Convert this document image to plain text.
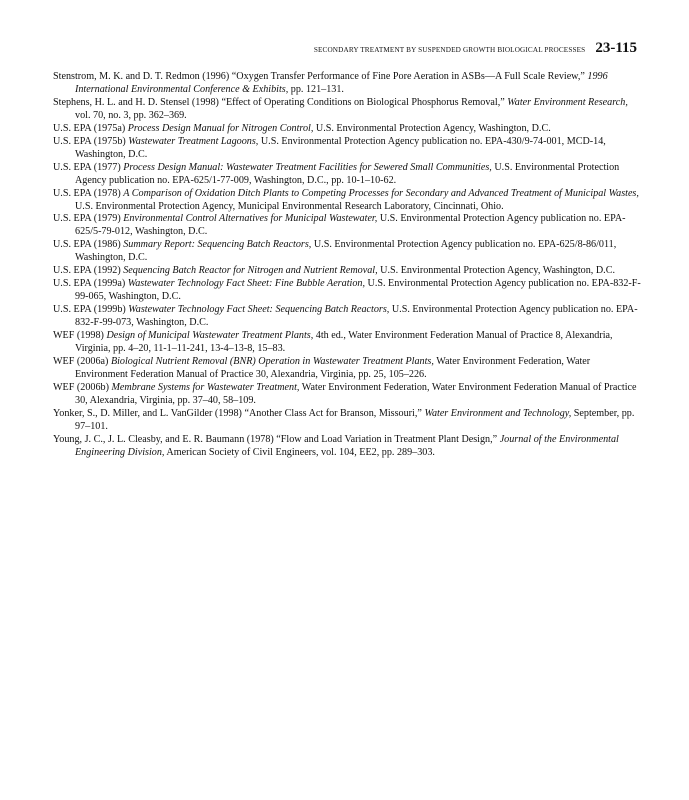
SECONDARY TREATMENT BY SUSPENDED GROWTH BIOLOGICAL PROCESSES 23-115
Stenstrom, M. K. and D. T. Redmon (1996) “Oxygen Transfer Performance of Fine Pore Aeration in ASBs—A Full Scale Review,” 1996 International Environmental Conference & Exhibits, pp. 121–131.
Stephens, H. L. and H. D. Stensel (1998) “Effect of Operating Conditions on Biological Phosphorus Removal,” Water Environment Research, vol. 70, no. 3, pp. 362–369.
U.S. EPA (1975a) Process Design Manual for Nitrogen Control, U.S. Environmental Protection Agency, Washington, D.C.
U.S. EPA (1975b) Wastewater Treatment Lagoons, U.S. Environmental Protection Agency publication no. EPA-430/9-74-001, MCD-14, Washington, D.C.
U.S. EPA (1977) Process Design Manual: Wastewater Treatment Facilities for Sewered Small Communities, U.S. Environmental Protection Agency publication no. EPA-625/1-77-009, Washington, D.C., pp. 10-1–10-62.
U.S. EPA (1978) A Comparison of Oxidation Ditch Plants to Competing Processes for Secondary and Advanced Treatment of Municipal Wastes, U.S. Environmental Protection Agency, Municipal Environmental Research Laboratory, Cincinnati, Ohio.
U.S. EPA (1979) Environmental Control Alternatives for Municipal Wastewater, U.S. Environmental Protection Agency publication no. EPA-625/5-79-012, Washington, D.C.
U.S. EPA (1986) Summary Report: Sequencing Batch Reactors, U.S. Environmental Protection Agency publication no. EPA-625/8-86/011, Washington, D.C.
U.S. EPA (1992) Sequencing Batch Reactor for Nitrogen and Nutrient Removal, U.S. Environmental Protection Agency, Washington, D.C.
U.S. EPA (1999a) Wastewater Technology Fact Sheet: Fine Bubble Aeration, U.S. Environmental Protection Agency publication no. EPA-832-F-99-065, Washington, D.C.
U.S. EPA (1999b) Wastewater Technology Fact Sheet: Sequencing Batch Reactors, U.S. Environmental Protection Agency publication no. EPA-832-F-99-073, Washington, D.C.
WEF (1998) Design of Municipal Wastewater Treatment Plants, 4th ed., Water Environment Federation Manual of Practice 8, Alexandria, Virginia, pp. 4–20, 11-1–11-241, 13-4–13-8, 15–83.
WEF (2006a) Biological Nutrient Removal (BNR) Operation in Wastewater Treatment Plants, Water Environment Federation, Water Environment Federation Manual of Practice 30, Alexandria, Virginia, pp. 25, 105–226.
WEF (2006b) Membrane Systems for Wastewater Treatment, Water Environment Federation, Water Environment Federation Manual of Practice 30, Alexandria, Virginia, pp. 37–40, 58–109.
Yonker, S., D. Miller, and L. VanGilder (1998) “Another Class Act for Branson, Missouri,” Water Environment and Technology, September, pp. 97–101.
Young, J. C., J. L. Cleasby, and E. R. Baumann (1978) “Flow and Load Variation in Treatment Plant Design,” Journal of the Environmental Engineering Division, American Society of Civil Engineers, vol. 104, EE2, pp. 289–303.
